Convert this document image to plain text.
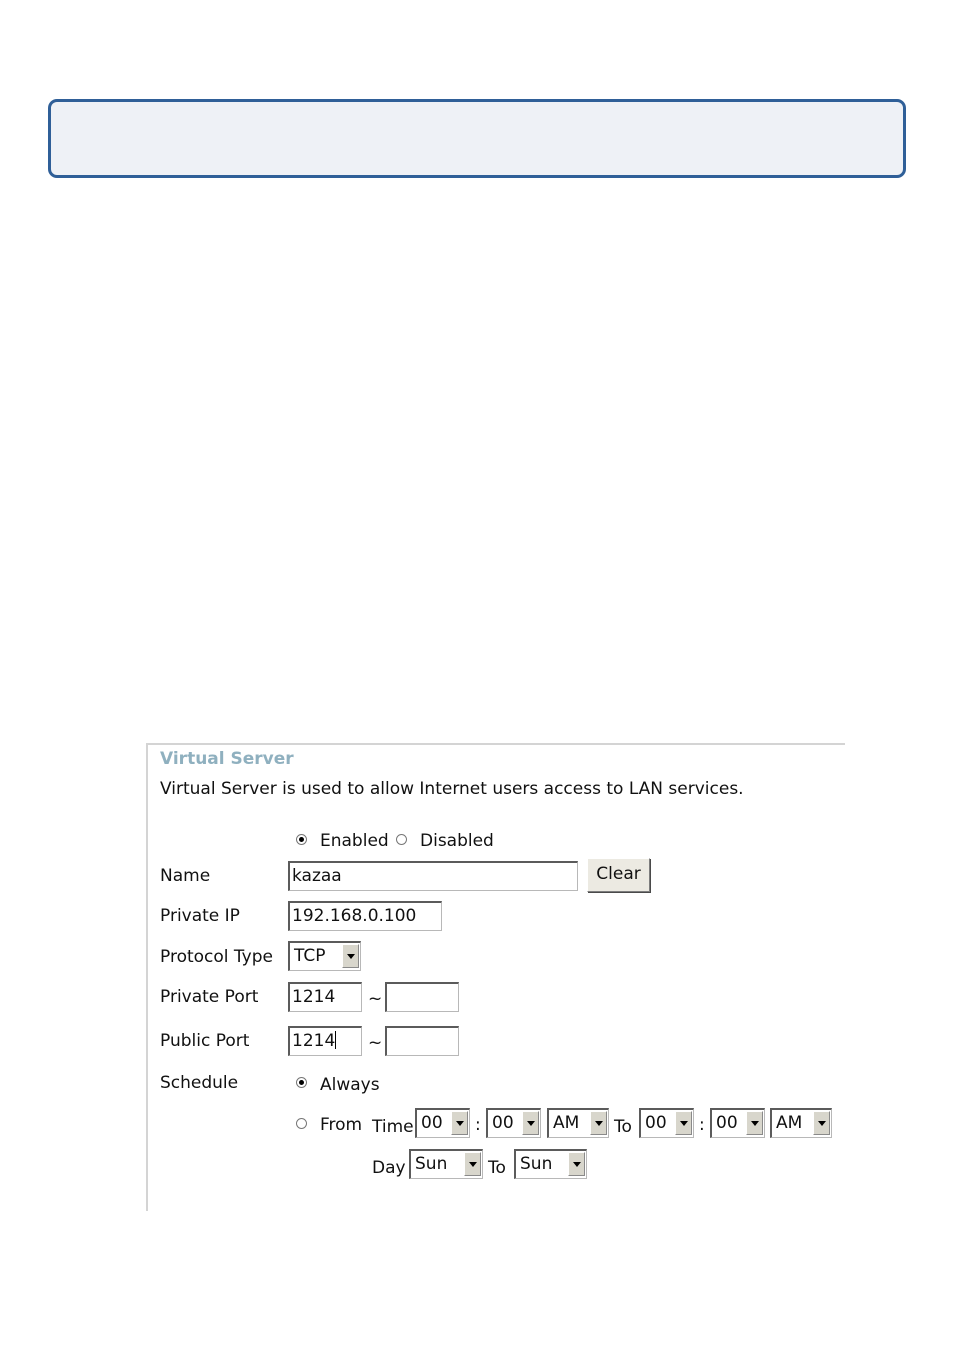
Virtual Server
Virtual Server is used to allow Internet users access to LAN services.
Enabled Disabled
Name	kazaa	Clear
Private IP	192.168.0.100
Protocol Type	TCP
Private Port 1214	~
Public Port	1214	~
Schedule	Always
From Time 00	: 00	AM	To 00	: 00	AM
Day Sun	To Sun
